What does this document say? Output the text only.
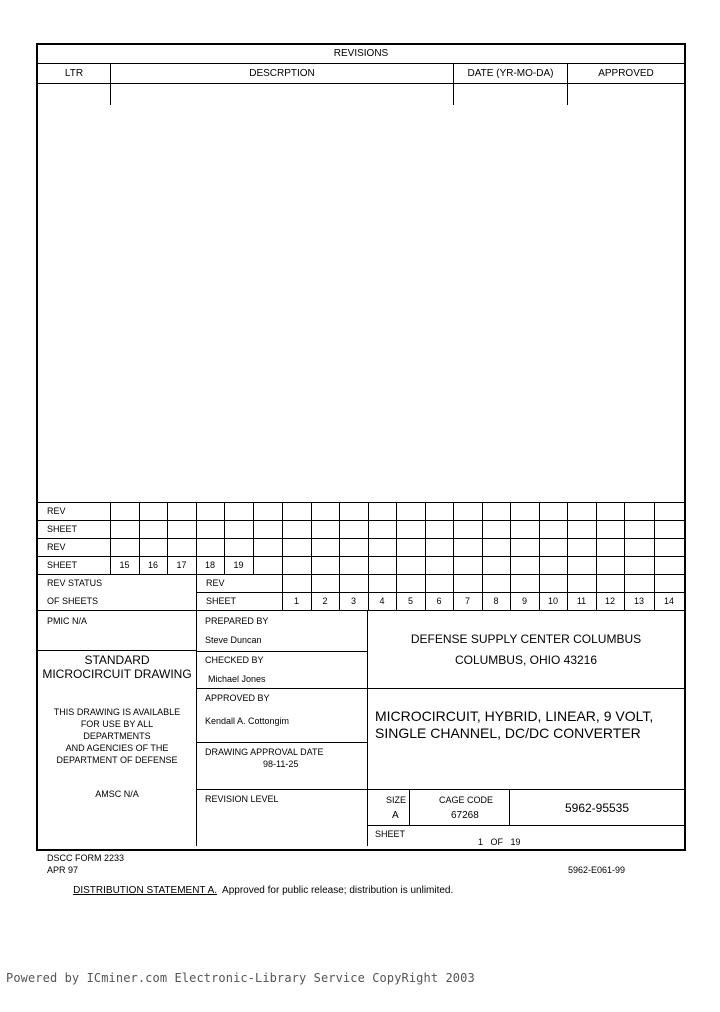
REVISIONS
LTR	DESCRPTION	DATE (YR-MO-DA)	APPROVED
REV
SHEET
REV
SHEET	15	16	17	18	19
REV STATUS
OF SHEETS
REV
SHEET	1	2	3	4	5	6	7	8	9	10	11	12	13	14
PMIC N/A
STANDARD
MICROCIRCUIT DRAWING
THIS DRAWING IS AVAILABLE
FOR USE BY ALL
DEPARTMENTS
AND AGENCIES OF THE
DEPARTMENT OF DEFENSE
AMSC N/A
PREPARED BY
Steve Duncan
CHECKED BY
Michael Jones
APPROVED BY
Kendall A. Cottongim
DRAWING APPROVAL DATE
98-11-25
REVISION LEVEL
DEFENSE SUPPLY CENTER COLUMBUS
COLUMBUS, OHIO 43216
MICROCIRCUIT, HYBRID, LINEAR, 9 VOLT,
SINGLE CHANNEL, DC/DC CONVERTER
SIZE
A
CAGE CODE
67268
5962-95535
SHEET
1   OF   19
DSCC FORM 2233
APR 97	5962-E061-99

DISTRIBUTION STATEMENT A.  Approved for public release; distribution is unlimited.

Powered by ICminer.com Electronic-Library Service CopyRight 2003
